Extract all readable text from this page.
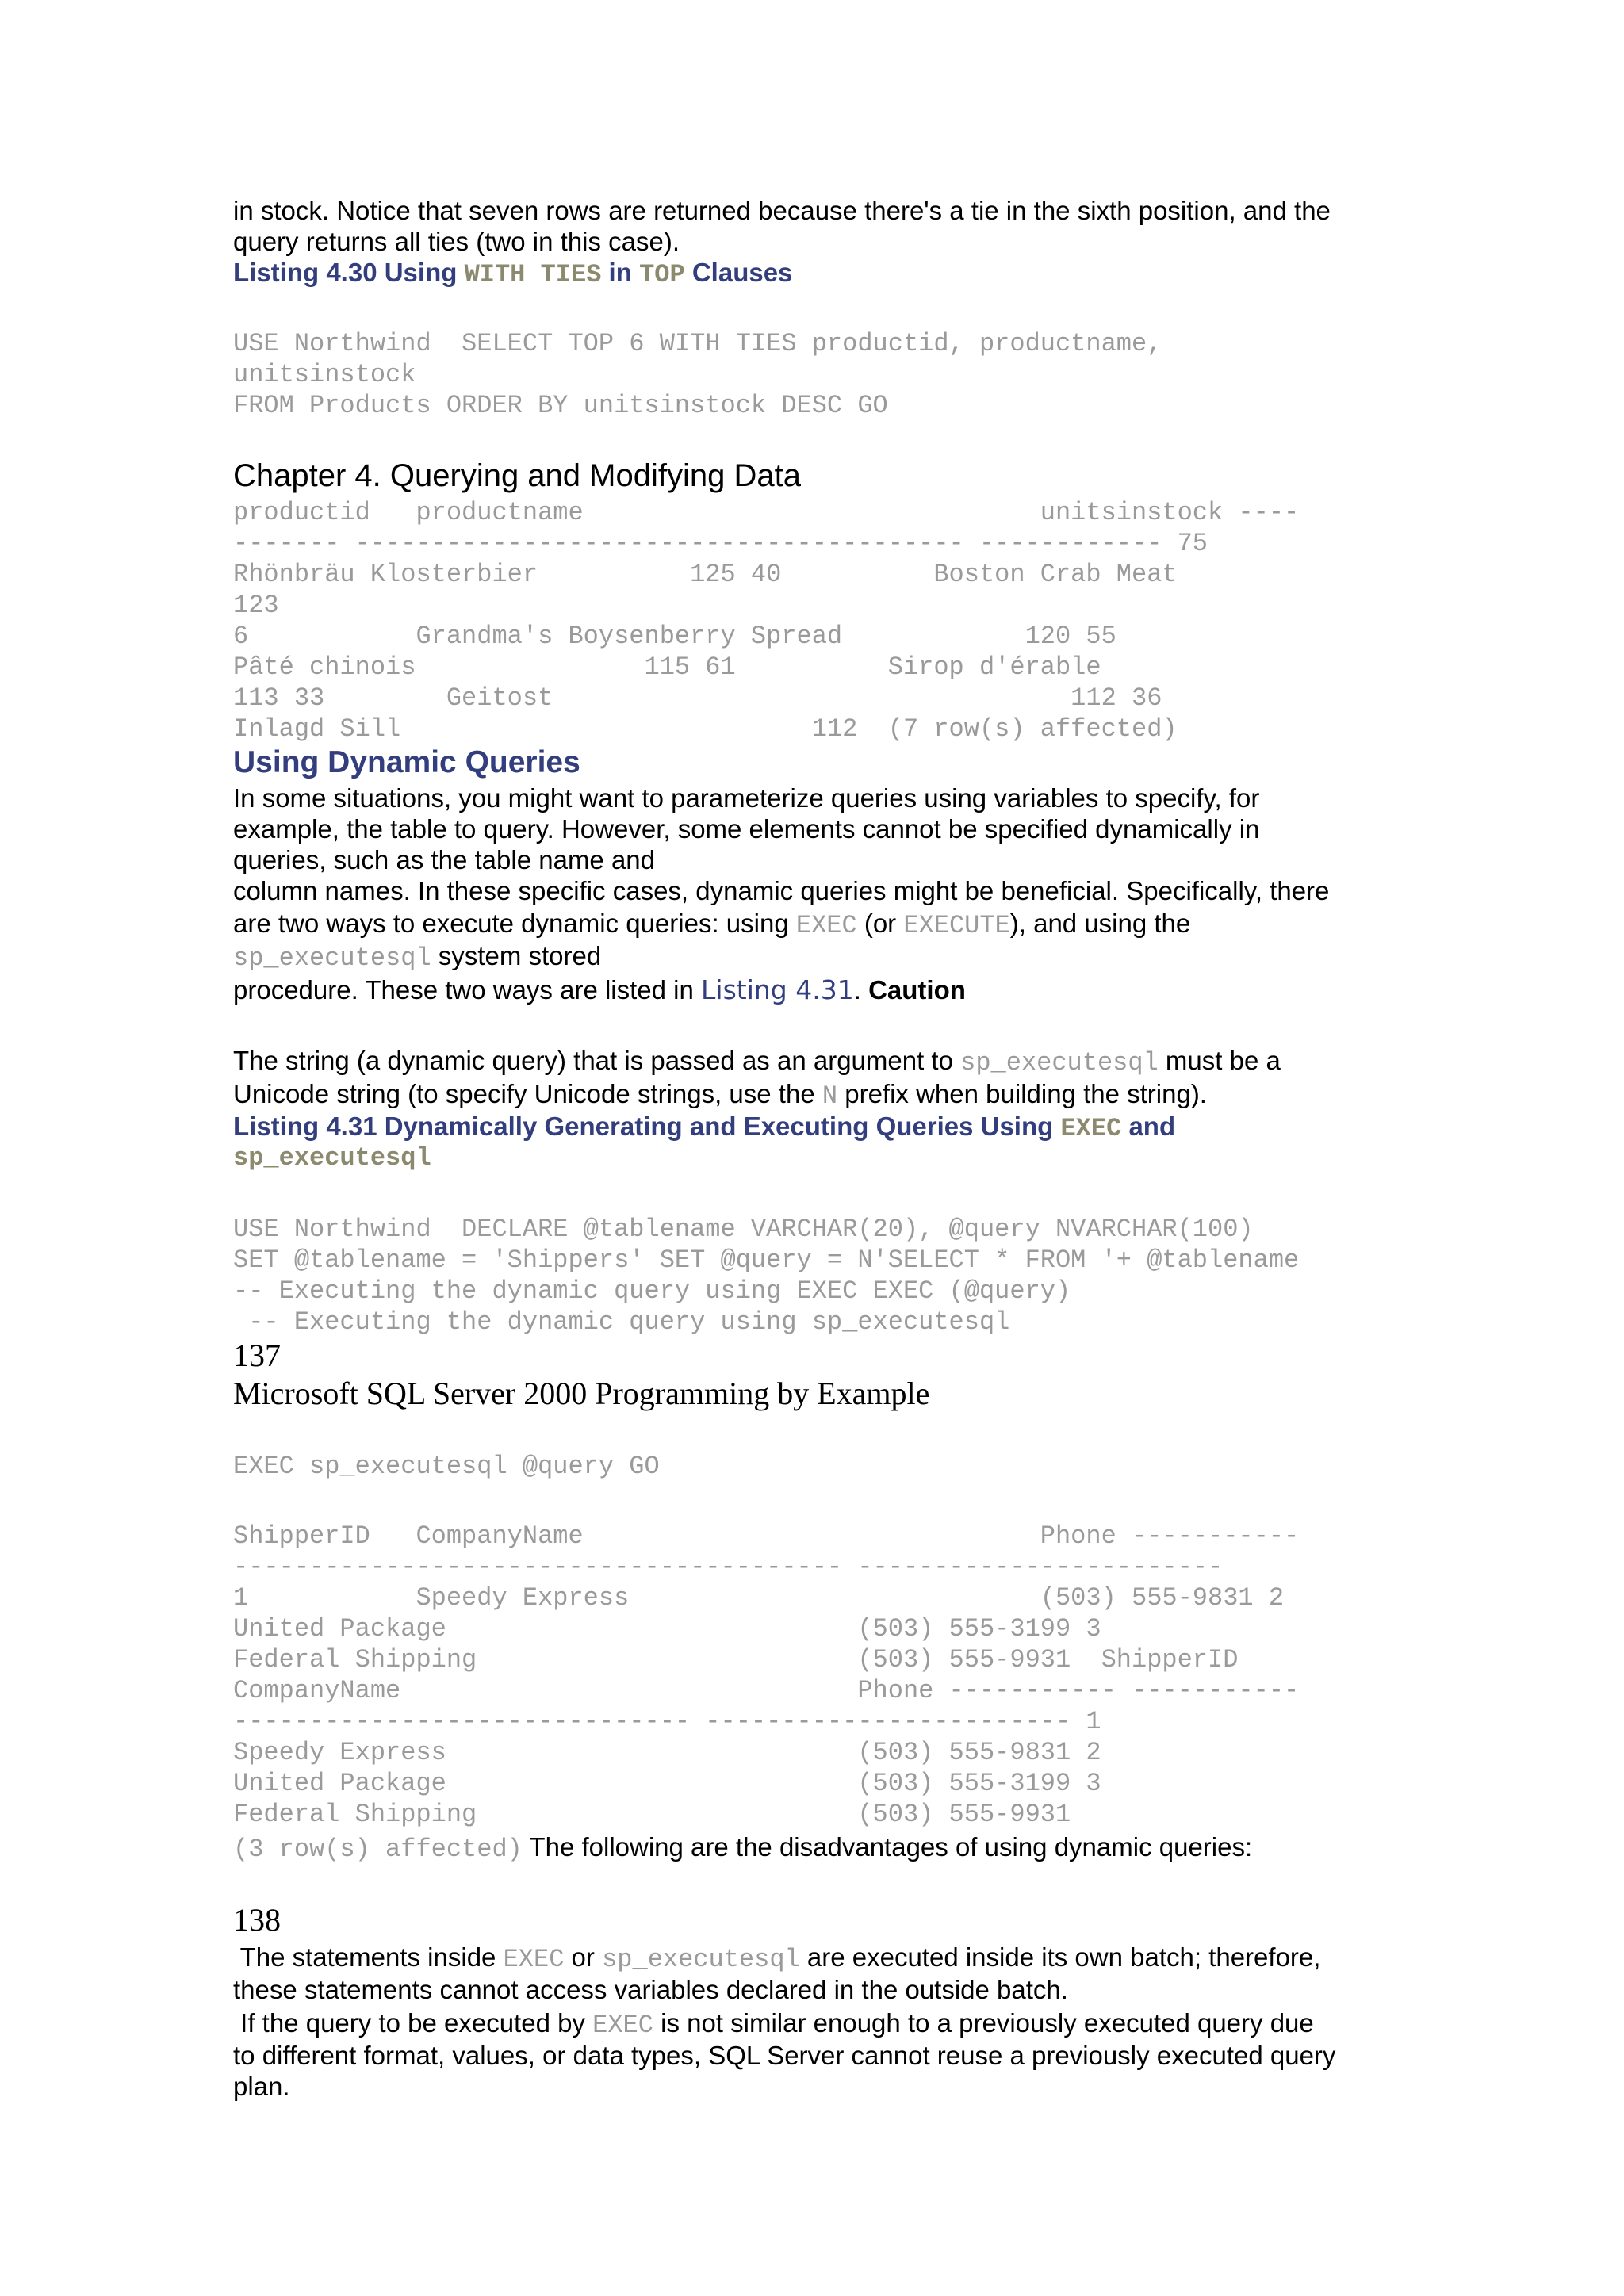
in stock. Notice that seven rows are returned because there's a tie in the sixth position, and the
query returns all ties (two in this case).
Listing 4.30 Using WITH TIES in TOP Clauses
USE Northwind  SELECT TOP 6 WITH TIES productid, productname,
unitsinstock
FROM Products ORDER BY unitsinstock DESC GO
Chapter 4. Querying and Modifying Data
productid   productname                              unitsinstock ----
------- ---------------------------------------- ------------ 75
Rhönbräu Klosterbier          125 40          Boston Crab Meat
123
6           Grandma's Boysenberry Spread            120 55
Pâté chinois               115 61          Sirop d'érable
113 33        Geitost                                  112 36
Inlagd Sill                           112  (7 row(s) affected)
Using Dynamic Queries
In some situations, you might want to parameterize queries using variables to specify, for
example, the table to query. However, some elements cannot be specified dynamically in
queries, such as the table name and
column names. In these specific cases, dynamic queries might be beneficial. Specifically, there
are two ways to execute dynamic queries: using EXEC (or EXECUTE), and using the
sp_executesql system stored
procedure. These two ways are listed in Listing 4.31. Caution
The string (a dynamic query) that is passed as an argument to sp_executesql must be a
Unicode string (to specify Unicode strings, use the N prefix when building the string).
Listing 4.31 Dynamically Generating and Executing Queries Using EXEC and
sp_executesql
USE Northwind  DECLARE @tablename VARCHAR(20), @query NVARCHAR(100)
SET @tablename = 'Shippers' SET @query = N'SELECT * FROM '+ @tablename
-- Executing the dynamic query using EXEC EXEC (@query)
-- Executing the dynamic query using sp_executesql
137
Microsoft SQL Server 2000 Programming by Example
EXEC sp_executesql @query GO
ShipperID   CompanyName                              Phone -----------
---------------------------------------- ------------------------
1           Speedy Express                           (503) 555-9831 2
United Package                           (503) 555-3199 3
Federal Shipping                         (503) 555-9931  ShipperID
CompanyName                              Phone ----------- -----------
------------------------------ ------------------------ 1
Speedy Express                           (503) 555-9831 2
United Package                           (503) 555-3199 3
Federal Shipping                         (503) 555-9931
(3 row(s) affected) The following are the disadvantages of using dynamic queries:
138
The statements inside EXEC or sp_executesql are executed inside its own batch; therefore,
these statements cannot access variables declared in the outside batch.
If the query to be executed by EXEC is not similar enough to a previously executed query due
to different format, values, or data types, SQL Server cannot reuse a previously executed query
plan.
